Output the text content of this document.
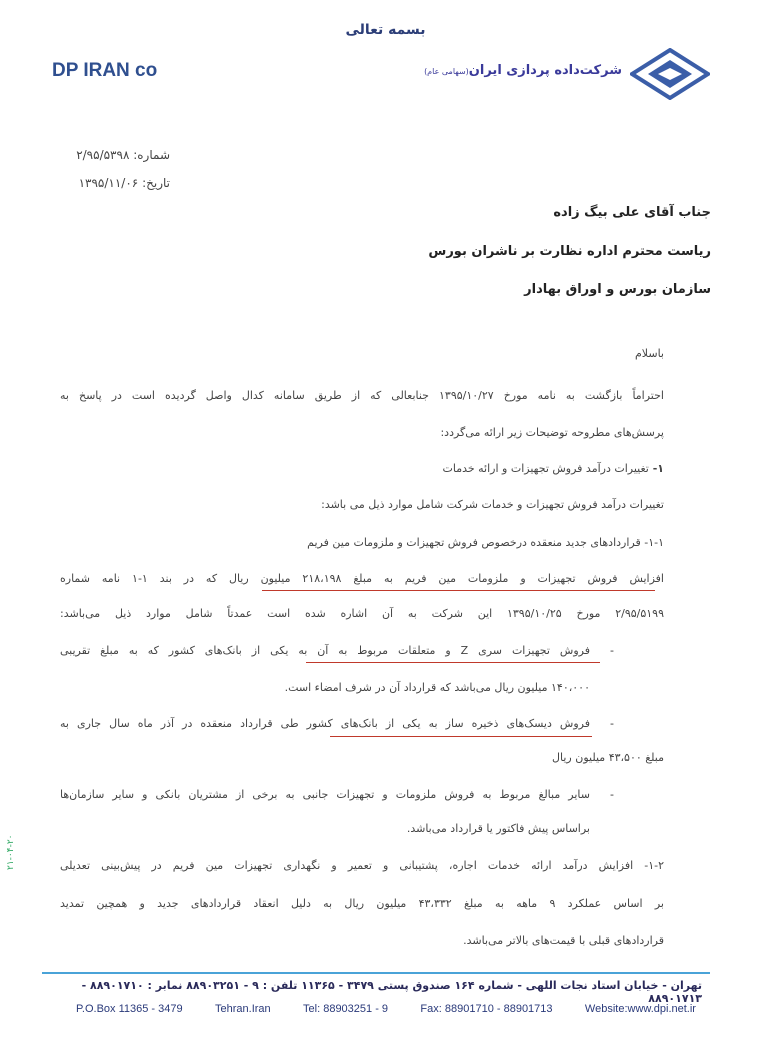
بسمه تعالی
DP IRAN co	شرکت‌داده پردازی ایران(سهامی عام)
شماره: ۲/۹۵/۵۳۹۸
تاریخ: ۱۳۹۵/۱۱/۰۶
جناب آقای علی بیگ زاده
ریاست محترم اداره نظارت بر ناشران بورس
سازمان بورس و اوراق بهادار
باسلام
احتراماً بازگشت به نامه مورخ ۱۳۹۵/۱۰/۲۷ جنابعالی که از طریق سامانه کدال واصل گردیده است در پاسخ به
پرسش‌های مطروحه توضیحات زیر ارائه می‌گردد:
۱- تغییرات درآمد فروش تجهیزات و ارائه خدمات
تغییرات درآمد فروش تجهیزات و خدمات شرکت شامل موارد ذیل می باشد:
۱-۱- قراردادهای جدید منعقده درخصوص فروش تجهیزات و ملزومات مین فریم
افزایش فروش تجهیزات و ملزومات مین فریم به مبلغ ۲۱۸،۱۹۸ میلیون ریال که در بند ۱-۱ نامه شماره
۲/۹۵/۵۱۹۹ مورخ ۱۳۹۵/۱۰/۲۵ این شرکت به آن اشاره شده است عمدتاً شامل موارد ذیل می‌باشد:
-
فروش تجهیزات سری Z و متعلقات مربوط به آن به یکی از بانک‌های کشور که به مبلغ تقریبی
۱۴۰،۰۰۰ میلیون ریال می‌باشد که قرارداد آن در شرف امضاء است.
-
فروش دیسک‌های ذخیره ساز به یکی از بانک‌های کشور طی قرارداد منعقده در آذر ماه سال جاری به
مبلغ ۴۳،۵۰۰ میلیون ریال
-
سایر مبالغ مربوط به فروش ملزومات و تجهیزات جانبی به برخی از مشتریان بانکی و سایر سازمان‌ها
براساس پیش فاکتور یا قرارداد می‌باشد.
۱-۲- افزایش درآمد ارائه خدمات اجاره، پشتیبانی و تعمیر و نگهداری تجهیزات مین فریم در پیش‌بینی تعدیلی
بر اساس عملکرد ۹ ماهه به مبلغ ۴۳،۳۳۲ میلیون ریال به دلیل انعقاد قراردادهای جدید و همچین تمدید
قراردادهای قبلی با قیمت‌های بالاتر می‌باشد.
۲۱-۰۴-۲۰
تهران - خیابان استاد نجات اللهی - شماره ۱۶۴ صندوق پستی ۳۴۷۹ - ۱۱۳۶۵ تلفن : ۹ - ۸۸۹۰۳۲۵۱ نمابر : ۸۸۹۰۱۷۱۰ - ۸۸۹۰۱۷۱۳
P.O.Box 11365 - 3479	Tehran.Iran	Tel: 88903251 - 9	Fax: 88901710 - 88901713	Website:www.dpi.net.ir
